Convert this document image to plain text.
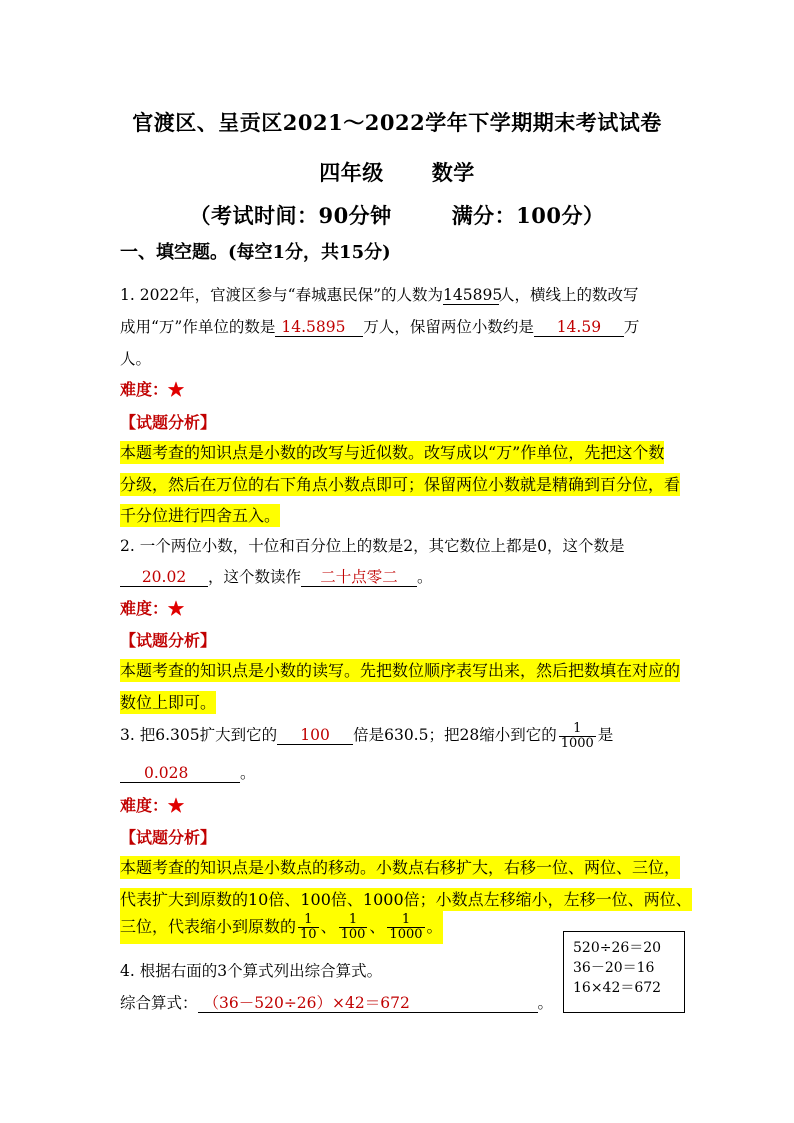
官渡区、呈贡区2021～2022学年下学期期末考试试卷
四年级 数学
（考试时间：90分钟	满分：100分）
一、填空题。(每空1分，共15分)
1. 2022年，官渡区参与“春城惠民保”的人数为145895人，横线上的数改写
成用“万”作单位的数是 14.5895 万人，保留两位小数约是 14.59 万
人。
难度：★
【试题分析】
本题考查的知识点是小数的改写与近似数。改写成以“万”作单位，先把这个数
分级，然后在万位的右下角点小数点即可；保留两位小数就是精确到百分位，看
千分位进行四舍五入。
2. 一个两位小数，十位和百分位上的数是2，其它数位上都是0，这个数是
20.02 ，这个数读作 二十点零二 。
难度：★
【试题分析】
本题考查的知识点是小数的读写。先把数位顺序表写出来，然后把数填在对应的
数位上即可。
3. 把6.305扩大到它的 100 倍是630.5；把28缩小到它的 $\frac{1}{1000}$ 是
0.028	。
难度：★
【试题分析】
本题考查的知识点是小数点的移动。小数点右移扩大，右移一位、两位、三位，
代表扩大到原数的10倍、100倍、1000倍；小数点左移缩小，左移一位、两位、
三位，代表缩小到原数的 $\frac{1}{10}$ 、 $\frac{1}{100}$ 、 $\frac{1}{1000}$ 。
4. 根据右面的3个算式列出综合算式。
综合算式： （36－520÷26）×42＝672	。
520÷26＝20
36－20＝16
16×42＝672
